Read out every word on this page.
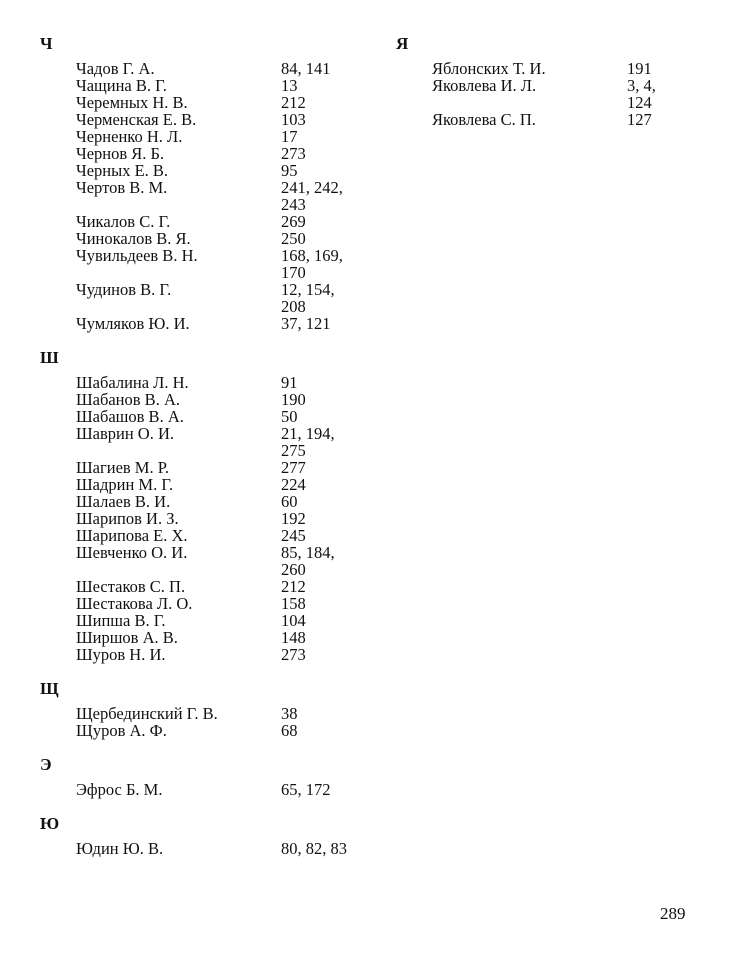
Ч
Чадов Г. А.	84, 141
Чащина В. Г.	13
Черемных Н. В.	212
Черменская Е. В.	103
Черненко Н. Л.	17
Чернов Я. Б.	273
Черных Е. В.	95
Чертов В. М.	241, 242, 243
Чикалов С. Г.	269
Чинокалов В. Я.	250
Чувильдеев В. Н.	168, 169, 170
Чудинов В. Г.	12, 154, 208
Чумляков Ю. И.	37, 121
Ш
Шабалина Л. Н.	91
Шабанов В. А.	190
Шабашов В. А.	50
Шаврин О. И.	21, 194, 275
Шагиев М. Р.	277
Шадрин М. Г.	224
Шалаев В. И.	60
Шарипов И. З.	192
Шарипова Е. Х.	245
Шевченко О. И.	85, 184, 260
Шестаков С. П.	212
Шестакова Л. О.	158
Шипша В. Г.	104
Ширшов А. В.	148
Шуров Н. И.	273
Щ
Щербединский Г. В.	38
Щуров А. Ф.	68
Э
Эфрос Б. М.	65, 172
Ю
Юдин Ю. В.	80, 82, 83
Я
Яблонских Т. И.	191
Яковлева И. Л.	3, 4, 124
Яковлева С. П.	127
289
